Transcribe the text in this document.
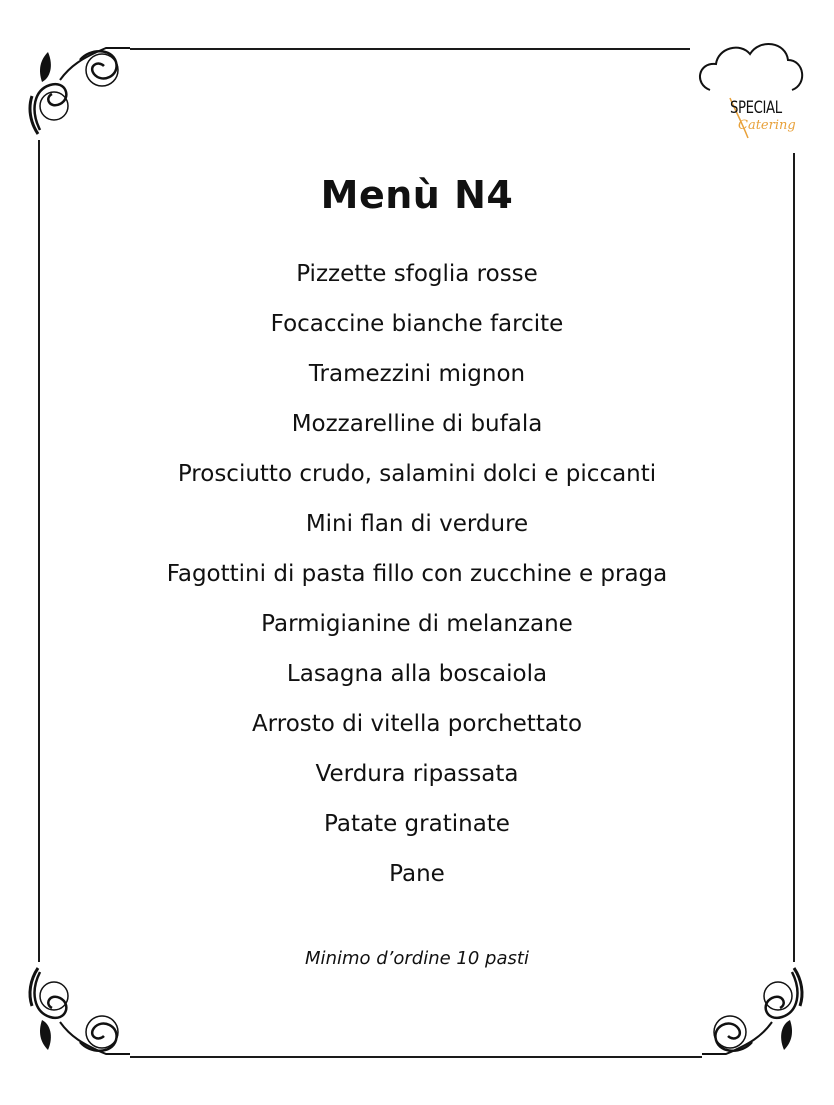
SPECIAL
Catering
Menù N4
Pizzette sfoglia rosse
Focaccine bianche farcite
Tramezzini mignon
Mozzarelline di bufala
Prosciutto crudo, salamini dolci e piccanti
Mini flan di verdure
Fagottini di pasta fillo con zucchine e praga
Parmigianine di melanzane
Lasagna alla boscaiola
Arrosto di vitella porchettato
Verdura ripassata
Patate gratinate
Pane

Minimo d’ordine 10 pasti
